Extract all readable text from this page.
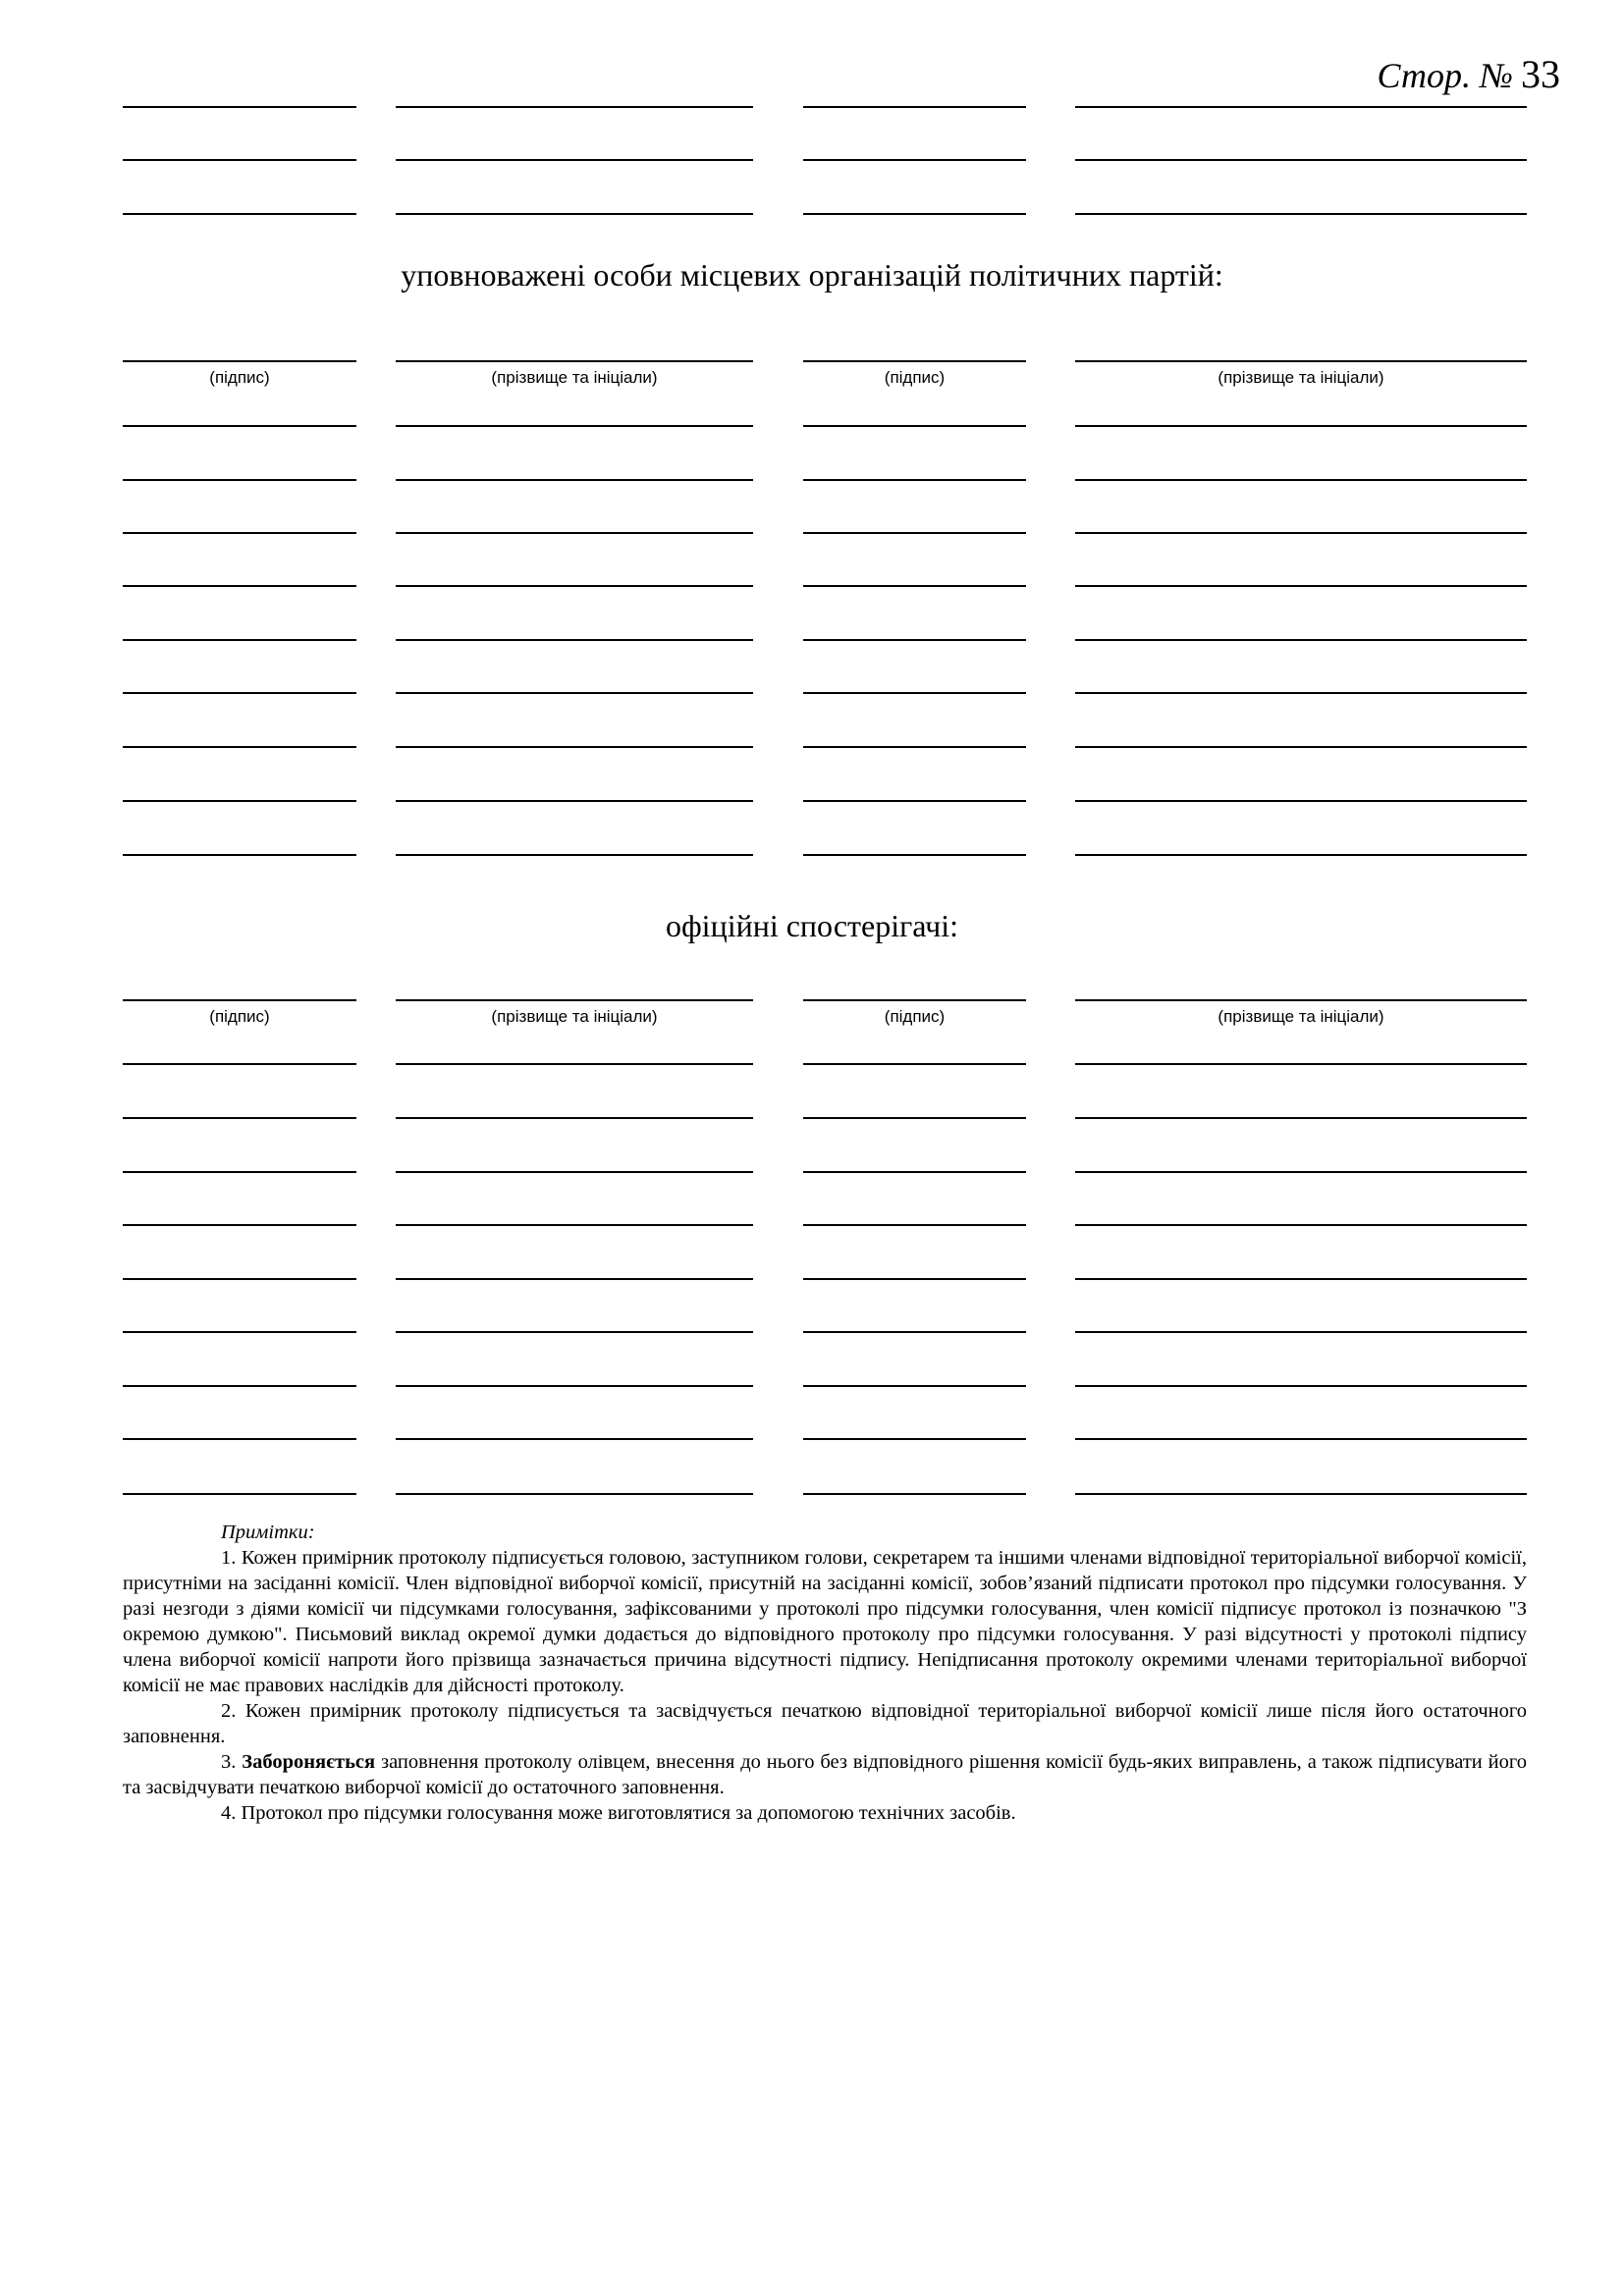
Стор. № 33
уповноважені особи місцевих організацій політичних партій:
(підпис)	(прізвище та ініціали)	(підпис)	(прізвище та ініціали)
офіційні спостерігачі:
(підпис)	(прізвище та ініціали)	(підпис)	(прізвище та ініціали)

Примітки:

1. Кожен примірник протоколу підписується головою, заступником голови, секретарем та іншими членами відповідної територіальної виборчої комісії, присутніми на засіданні комісії. Член відповідної виборчої комісії, присутній на засіданні комісії, зобов’язаний підписати протокол про підсумки голосування. У разі незгоди з діями комісії чи підсумками голосування, зафіксованими у протоколі про підсумки голосування, член комісії підписує протокол із позначкою "З окремою думкою". Письмовий виклад окремої думки додається до відповідного протоколу про підсумки голосування. У разі відсутності у протоколі підпису члена виборчої комісії напроти його прізвища зазначається причина відсутності підпису. Непідписання протоколу окремими членами територіальної виборчої комісії не має правових наслідків для дійсності протоколу.

2. Кожен примірник протоколу підписується та засвідчується печаткою відповідної територіальної виборчої комісії лише після його остаточного заповнення.

3. Забороняється заповнення протоколу олівцем, внесення до нього без відповідного рішення комісії будь-яких виправлень, а також підписувати його та засвідчувати печаткою виборчої комісії до остаточного заповнення.

4. Протокол про підсумки голосування може виготовлятися за допомогою технічних засобів.
